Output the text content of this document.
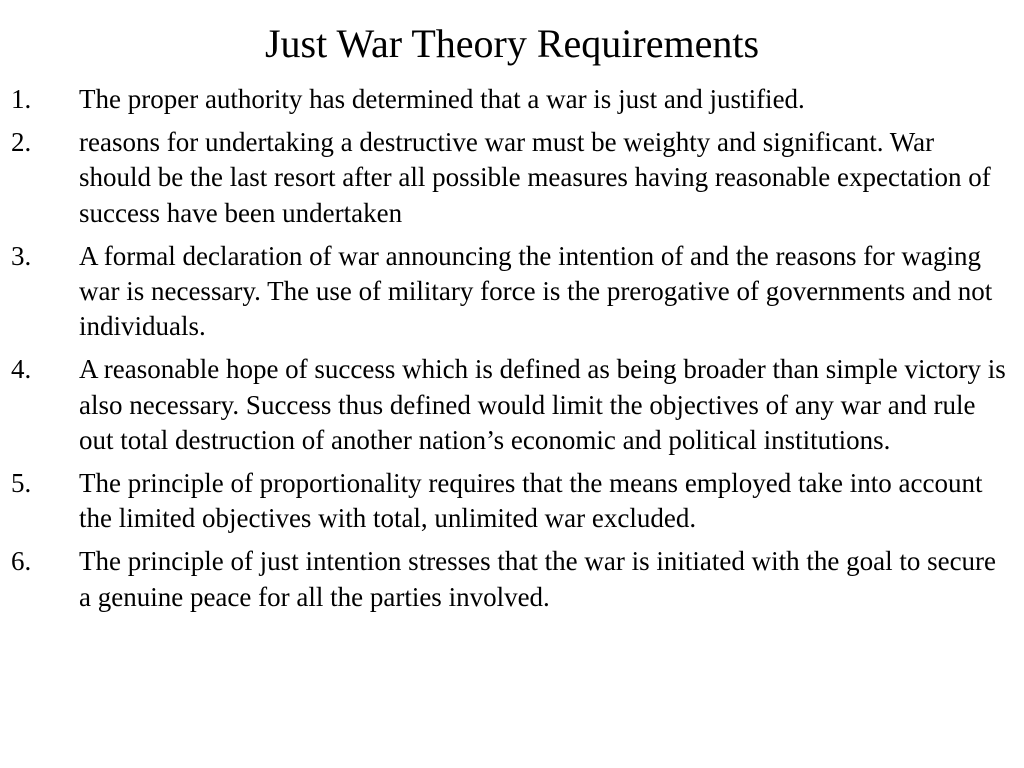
Just War Theory Requirements
1. The proper authority has determined that a war is just and justified.
2. reasons for undertaking a destructive war must be weighty and significant. War should be the last resort after all possible measures having reasonable expectation of success have been undertaken
3. A formal declaration of war announcing the intention of and the reasons for waging war is necessary. The use of military force is the prerogative of governments and not individuals.
4. A reasonable hope of success which is defined as being broader than simple victory is also necessary. Success thus defined would limit the objectives of any war and rule out total destruction of another nation’s economic and political institutions.
5. The principle of proportionality requires that the means employed take into account the limited objectives with total, unlimited war excluded.
6. The principle of just intention stresses that the war is initiated with the goal to secure a genuine peace for all the parties involved.
